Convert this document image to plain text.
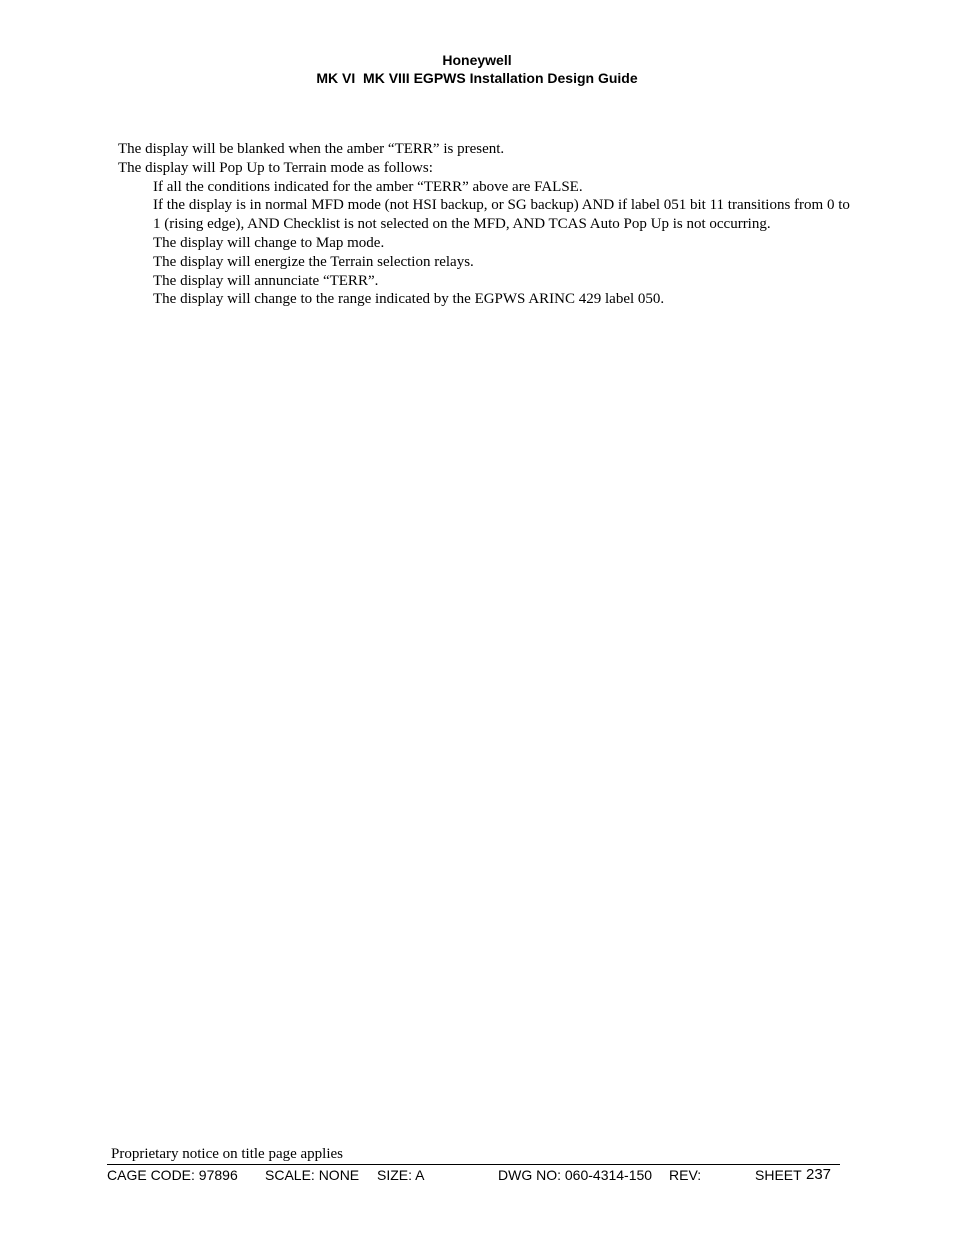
Honeywell
MK VI  MK VIII EGPWS Installation Design Guide

The display will be blanked when the amber “TERR” is present.

The display will Pop Up to Terrain mode as follows:

If all the conditions indicated for the amber “TERR” above are FALSE.

If the display is in normal MFD mode (not HSI backup, or SG backup) AND if label 051 bit 11 transitions from 0 to 1 (rising edge), AND Checklist is not selected on the MFD, AND TCAS Auto Pop Up is not occurring.

The display will change to Map mode.

The display will energize the Terrain selection relays.

The display will annunciate “TERR”.

The display will change to the range indicated by the EGPWS ARINC 429 label 050.

Proprietary notice on title page applies
CAGE CODE: 97896 SCALE: NONE SIZE: A	DWG NO: 060-4314-150 REV:	SHEET 237
